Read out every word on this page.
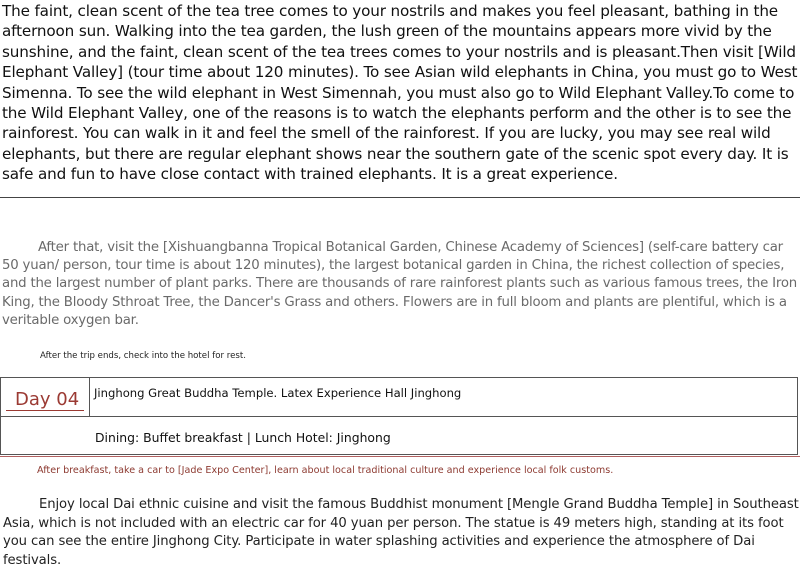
The faint, clean scent of the tea tree comes to your nostrils and makes you feel pleasant, bathing in the afternoon sun. Walking into the tea garden, the lush green of the mountains appears more vivid by the sunshine, and the faint, clean scent of the tea trees comes to your nostrils and is pleasant.Then visit [Wild Elephant Valley] (tour time about 120 minutes). To see Asian wild elephants in China, you must go to West Simenna. To see the wild elephant in West Simennah, you must also go to Wild Elephant Valley.To come to the Wild Elephant Valley, one of the reasons is to watch the elephants perform and the other is to see the rainforest. You can walk in it and feel the smell of the rainforest. If you are lucky, you may see real wild elephants, but there are regular elephant shows near the southern gate of the scenic spot every day. It is safe and fun to have close contact with trained elephants. It is a great experience.
After that, visit the [Xishuangbanna Tropical Botanical Garden, Chinese Academy of Sciences] (self-care battery car 50 yuan/ person, tour time is about 120 minutes), the largest botanical garden in China, the richest collection of species, and the largest number of plant parks. There are thousands of rare rainforest plants such as various famous trees, the Iron King, the Bloody Sthroat Tree, the Dancer's Grass and others. Flowers are in full bloom and plants are plentiful, which is a veritable oxygen bar.
After the trip ends, check into the hotel for rest.
Day 04 Jinghong Great Buddha Temple. Latex Experience Hall Jinghong
Dining: Buffet breakfast | Lunch Hotel: Jinghong
After breakfast, take a car to [Jade Expo Center], learn about local traditional culture and experience local folk customs.
Enjoy local Dai ethnic cuisine and visit the famous Buddhist monument [Mengle Grand Buddha Temple] in Southeast Asia, which is not included with an electric car for 40 yuan per person. The statue is 49 meters high, standing at its foot you can see the entire Jinghong City. Participate in water splashing activities and experience the atmosphere of Dai festivals.
